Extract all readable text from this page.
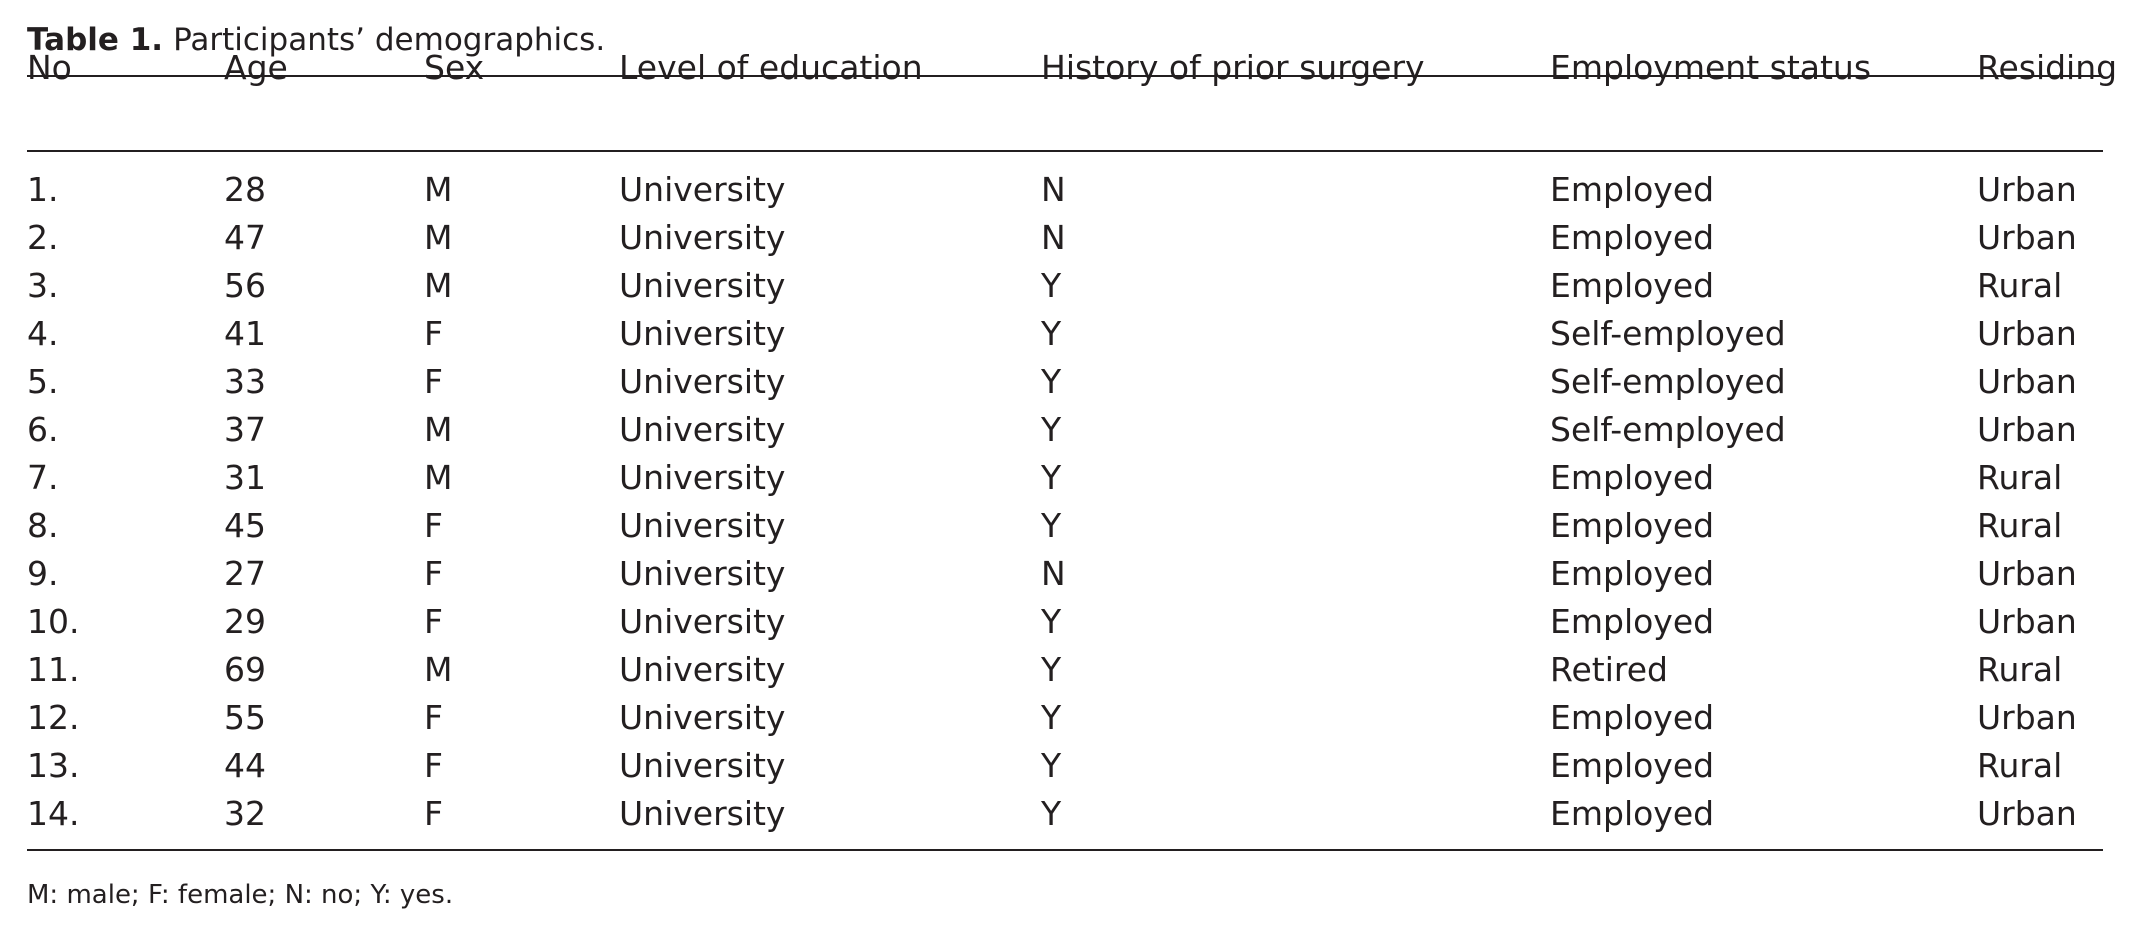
Table 1. Participants’ demographics.
No	Age	Sex	Level of education	History of prior surgery	Employment status	Residing

1.	28	M	University	N	Employed	Urban
2.	47	M	University	N	Employed	Urban
3.	56	M	University	Y	Employed	Rural
4.	41	F	University	Y	Self-employed	Urban
5.	33	F	University	Y	Self-employed	Urban
6.	37	M	University	Y	Self-employed	Urban
7.	31	M	University	Y	Employed	Rural
8.	45	F	University	Y	Employed	Rural
9.	27	F	University	N	Employed	Urban
10.	29	F	University	Y	Employed	Urban
11.	69	M	University	Y	Retired	Rural
12.	55	F	University	Y	Employed	Urban
13.	44	F	University	Y	Employed	Rural
14.	32	F	University	Y	Employed	Urban
M: male; F: female; N: no; Y: yes.
